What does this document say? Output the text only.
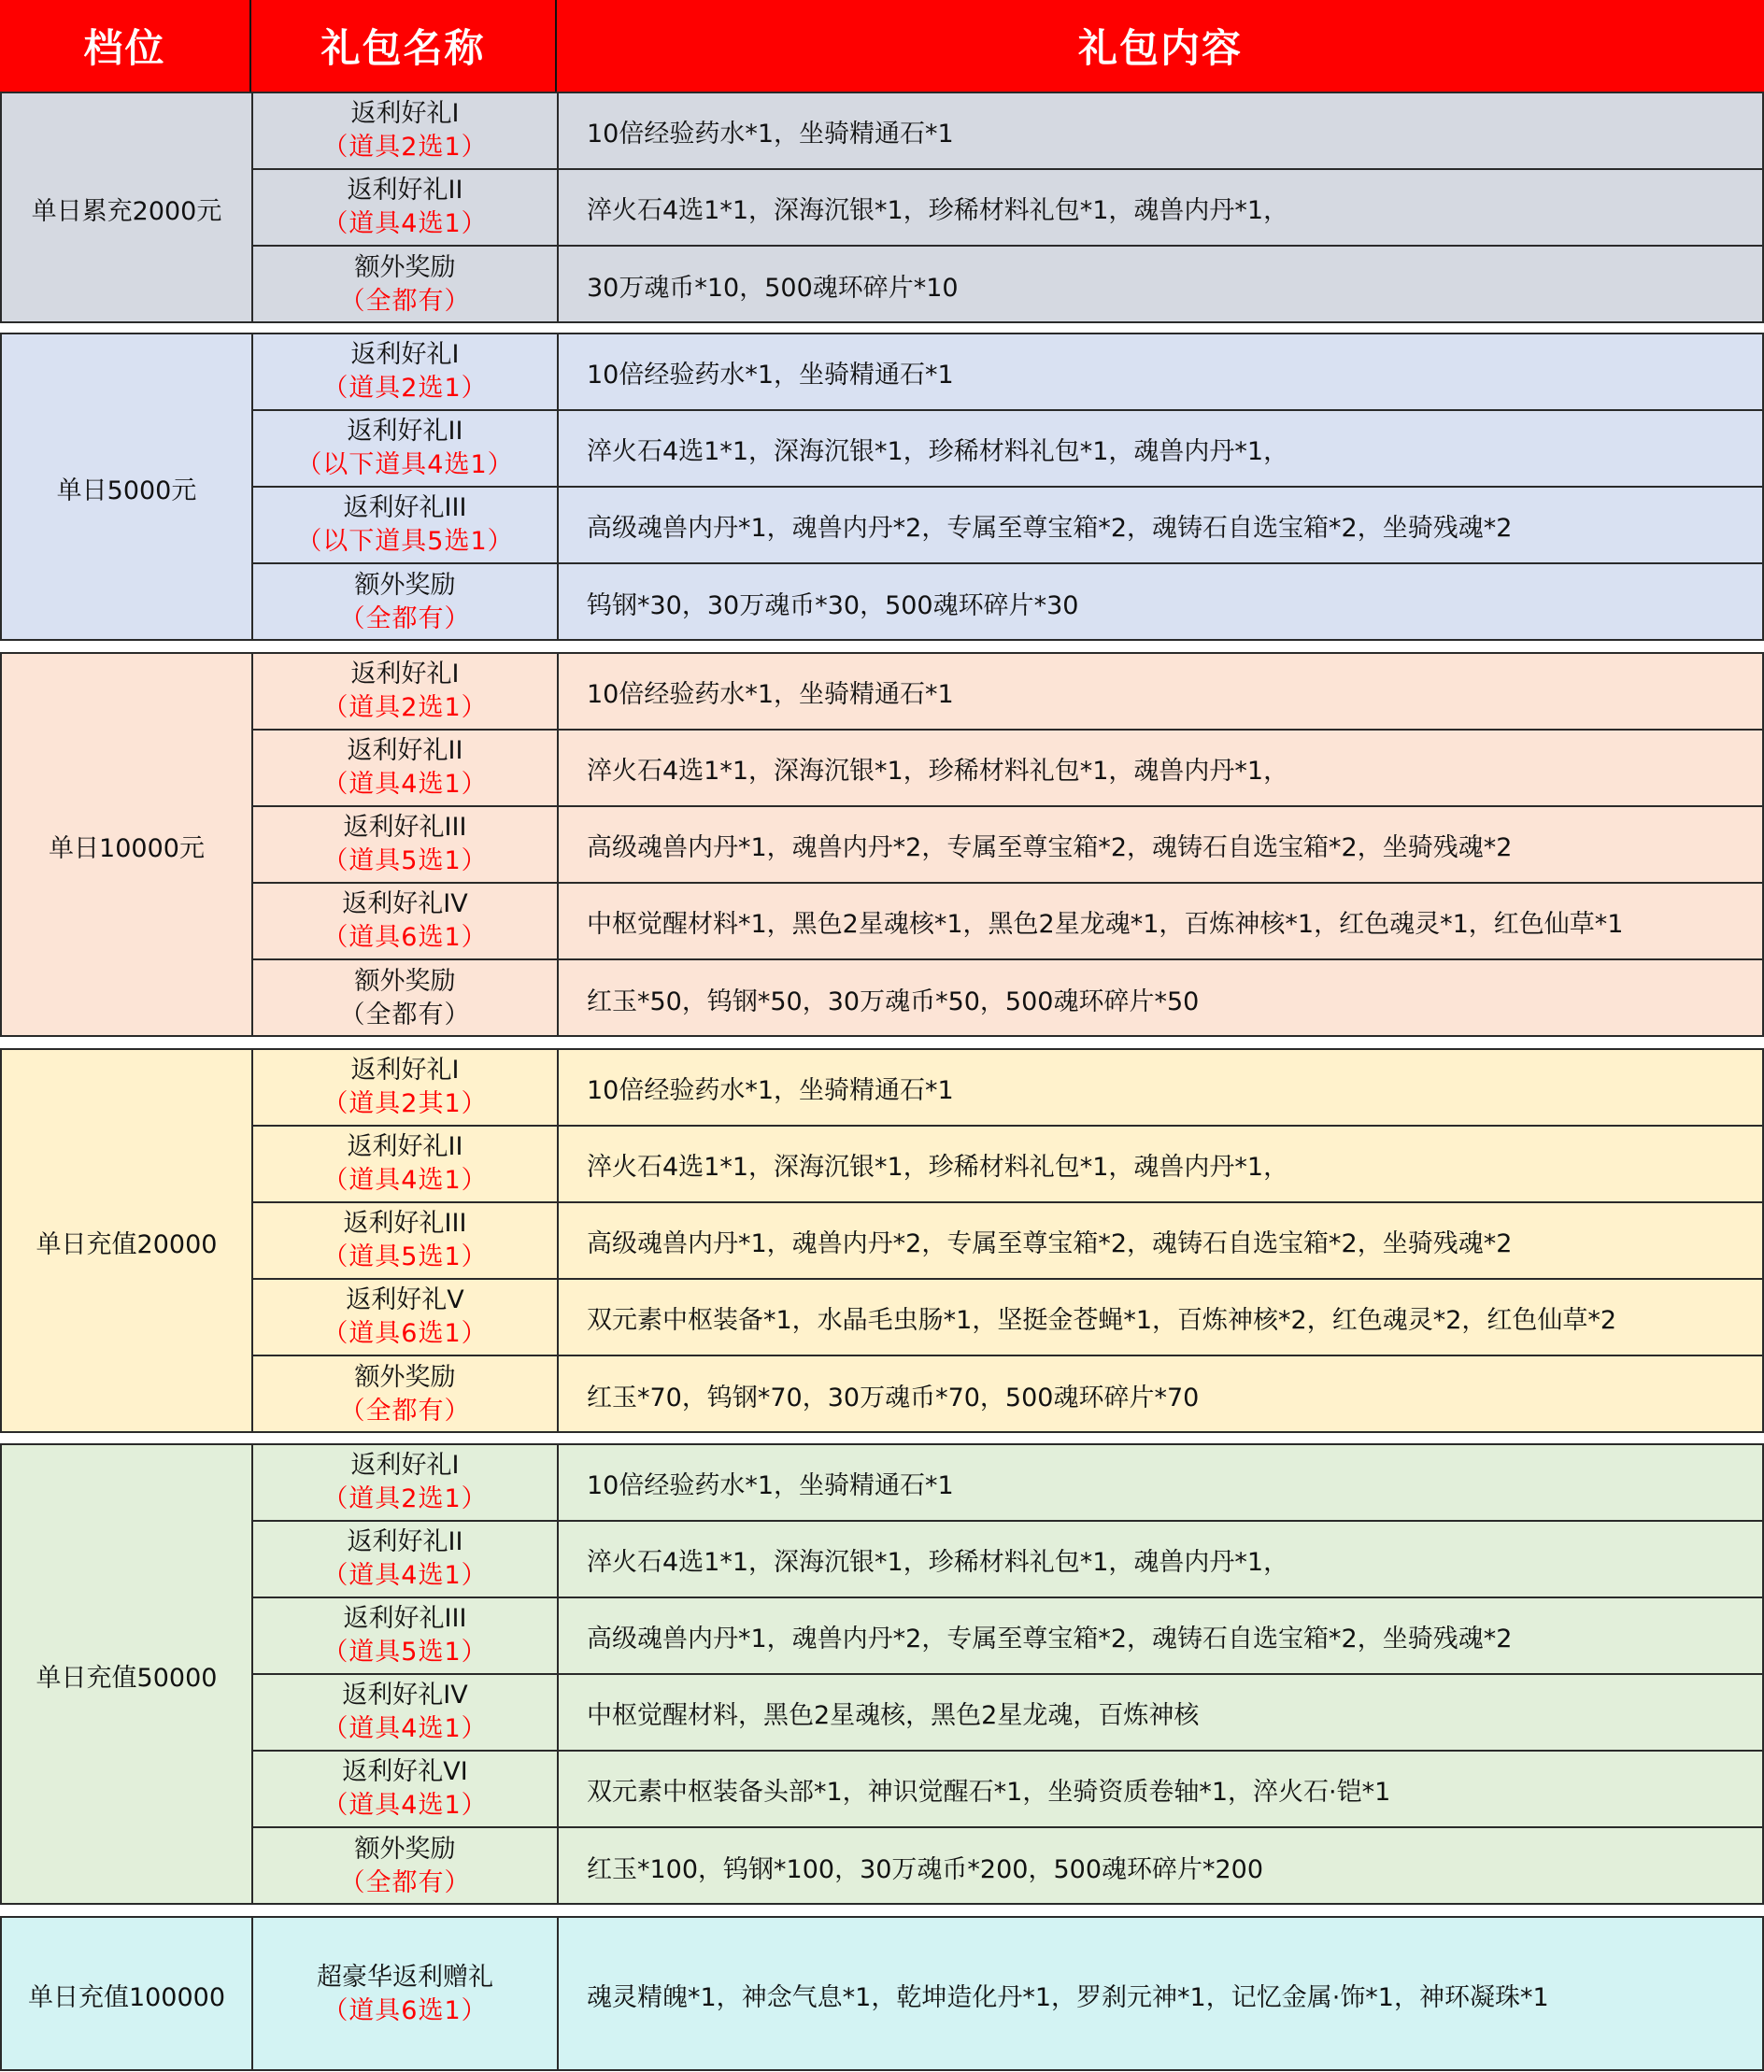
档位	礼包名称	礼包内容
单日累充2000元
返利好礼I
（道具2选1）	10倍经验药水*1，坐骑精通石*1
返利好礼II
（道具4选1）	淬火石4选1*1，深海沉银*1，珍稀材料礼包*1，魂兽内丹*1，
额外奖励
（全都有）	30万魂币*10，500魂环碎片*10
单日5000元
返利好礼I
（道具2选1）	10倍经验药水*1，坐骑精通石*1
返利好礼II
（以下道具4选1）	淬火石4选1*1，深海沉银*1，珍稀材料礼包*1，魂兽内丹*1，
返利好礼III
（以下道具5选1）	高级魂兽内丹*1，魂兽内丹*2，专属至尊宝箱*2，魂铸石自选宝箱*2，坐骑残魂*2
额外奖励
（全都有）	钨钢*30，30万魂币*30，500魂环碎片*30
单日10000元
返利好礼I
（道具2选1）	10倍经验药水*1，坐骑精通石*1
返利好礼II
（道具4选1）	淬火石4选1*1，深海沉银*1，珍稀材料礼包*1，魂兽内丹*1，
返利好礼III
（道具5选1）	高级魂兽内丹*1，魂兽内丹*2，专属至尊宝箱*2，魂铸石自选宝箱*2，坐骑残魂*2
返利好礼IV
（道具6选1）	中枢觉醒材料*1，黑色2星魂核*1，黑色2星龙魂*1，百炼神核*1，红色魂灵*1，红色仙草*1
额外奖励
（全都有）	红玉*50，钨钢*50，30万魂币*50，500魂环碎片*50
单日充值20000
返利好礼I
（道具2其1）	10倍经验药水*1，坐骑精通石*1
返利好礼II
（道具4选1）	淬火石4选1*1，深海沉银*1，珍稀材料礼包*1，魂兽内丹*1，
返利好礼III
（道具5选1）	高级魂兽内丹*1，魂兽内丹*2，专属至尊宝箱*2，魂铸石自选宝箱*2，坐骑残魂*2
返利好礼V
（道具6选1）	双元素中枢装备*1，水晶毛虫肠*1，坚挺金苍蝇*1，百炼神核*2，红色魂灵*2，红色仙草*2
额外奖励
（全都有）	红玉*70，钨钢*70，30万魂币*70，500魂环碎片*70
单日充值50000
返利好礼I
（道具2选1）	10倍经验药水*1，坐骑精通石*1
返利好礼II
（道具4选1）	淬火石4选1*1，深海沉银*1，珍稀材料礼包*1，魂兽内丹*1，
返利好礼III
（道具5选1）	高级魂兽内丹*1，魂兽内丹*2，专属至尊宝箱*2，魂铸石自选宝箱*2，坐骑残魂*2
返利好礼IV
（道具4选1）	中枢觉醒材料，黑色2星魂核，黑色2星龙魂，百炼神核
返利好礼VI
（道具4选1）	双元素中枢装备头部*1，神识觉醒石*1，坐骑资质卷轴*1，淬火石·铠*1
额外奖励
（全都有）	红玉*100，钨钢*100，30万魂币*200，500魂环碎片*200
单日充值100000
超豪华返利赠礼
（道具6选1）	魂灵精魄*1，神念气息*1，乾坤造化丹*1，罗刹元神*1，记忆金属·饰*1，神环凝珠*1
